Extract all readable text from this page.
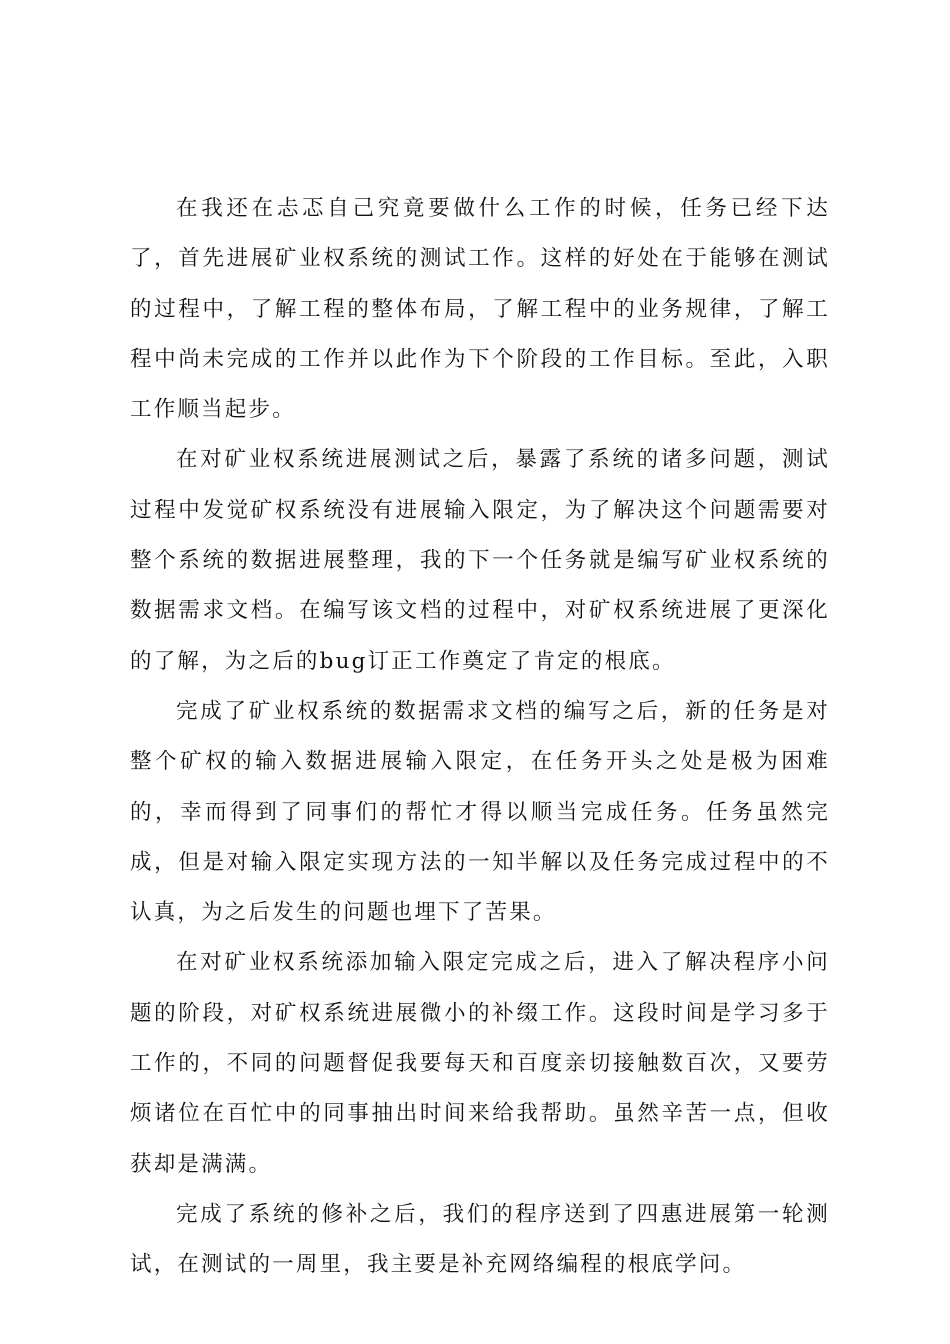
在我还在忐忑自己究竟要做什么工作的时候，任务已经下达了，首先进展矿业权系统的测试工作。这样的好处在于能够在测试的过程中，了解工程的整体布局，了解工程中的业务规律，了解工程中尚未完成的工作并以此作为下个阶段的工作目标。至此，入职工作顺当起步。

在对矿业权系统进展测试之后，暴露了系统的诸多问题，测试过程中发觉矿权系统没有进展输入限定，为了解决这个问题需要对整个系统的数据进展整理，我的下一个任务就是编写矿业权系统的数据需求文档。在编写该文档的过程中，对矿权系统进展了更深化的了解，为之后的bug订正工作奠定了肯定的根底。

完成了矿业权系统的数据需求文档的编写之后，新的任务是对整个矿权的输入数据进展输入限定，在任务开头之处是极为困难的，幸而得到了同事们的帮忙才得以顺当完成任务。任务虽然完成，但是对输入限定实现方法的一知半解以及任务完成过程中的不认真，为之后发生的问题也埋下了苦果。

在对矿业权系统添加输入限定完成之后，进入了解决程序小问题的阶段，对矿权系统进展微小的补缀工作。这段时间是学习多于工作的，不同的问题督促我要每天和百度亲切接触数百次，又要劳烦诸位在百忙中的同事抽出时间来给我帮助。虽然辛苦一点，但收获却是满满。

完成了系统的修补之后，我们的程序送到了四惠进展第一轮测试，在测试的一周里，我主要是补充网络编程的根底学问。
